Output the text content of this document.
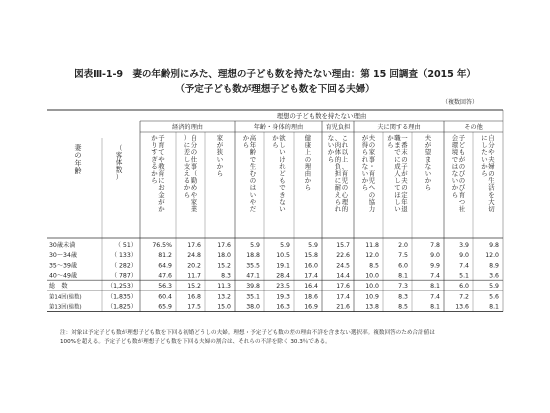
図表Ⅲ-1-9　妻の年齢別にみた、理想の子ども数を持たない理由：第 15 回調査（2015 年）
（予定子ども数が理想子ども数を下回る夫婦）
（複数回答）
理想の子ども数を持たない理由
経済的理由	年齢・身体的理由	育児負担	夫に関する理由	その他
妻の年齢
（客体数）
子育てや教育にお金がかかりすぎるから
自分の仕事（勤めや家業）に差し支えるから
家が狭いから
高年齢で生むのはいやだから
欲しいけれどもできないから
健康上の理由から
これ以上、育児の心理的、肉体的負担に耐えられないから
夫の家事・育児への協力が得られないから
一番末の子が夫の定年退職までに成人してほしいから
夫が望まないから
子どもがのびのび育つ社会環境ではないから
自分や夫婦の生活を大切にしたいから
30歳未満	（ 51） 76.5% 17.6	17.6	5.9	5.9	5.9	15.7 11.8	2.0	7.8	3.9	9.8
30～34歳	（ 133）	81.2 24.8	18.0 18.8	10.5 15.8	22.6 12.0	7.5	9.0	9.0	12.0
35～39歳	（ 282）	64.9 20.2	15.2 35.5	19.1 16.0	24.5	8.5	6.0	9.9	7.4	8.9
40～49歳	（ 787）	47.6 11.7	8.3 47.1	28.4 17.4	14.4 10.0	8.1	7.4	5.1	3.6
総　数	（1,253）	56.3 15.2	11.3 39.8	23.5 16.4	17.6 10.0	7.3	8.1	6.0	5.9
第14回(総数)	（1,835）	60.4 16.8	13.2 35.1	19.3 18.6	17.4 10.9	8.3	7.4	7.2	5.6
第13回(総数)	（1,825）	65.9 17.5	15.0 38.0	16.3 16.9	21.6 13.8	8.5	8.1 13.6	8.1
注：対象は予定子ども数が理想子ども数を下回る初婚どうしの夫婦。理想・予定子ども数の差の理由不詳を含まない選択率。複数回答のため合計値は
100%を超える。予定子ども数が理想子ども数を下回る夫婦の割合は、それらの不詳を除く 30.3％である。
